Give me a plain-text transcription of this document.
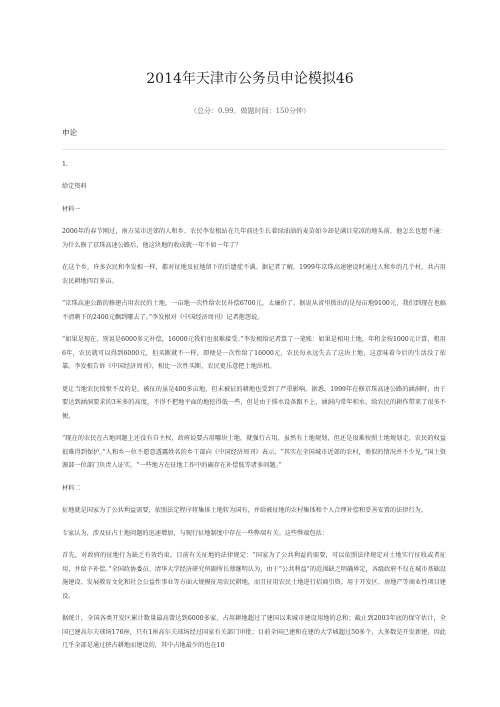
2014年天津市公务员申论模拟46
（总分：0.99，做题时间：150分钟）

申论

1.

给定资料

材料一

2006年的春节刚过，南方某市近郊的人和乡、农民李发根站在几年前还生长着绿油油的麦苗如今却是满目荒凉的地头前，他怎么也想不通：为什么修了京珠高速公路后，他这块地的收成就一年不如一年了？

在这个乡，许多农民和李发根一样，都对征地及征地留下的后遗症不满。据记者了解，1999年京珠高速建设时通过人和乡的几个村，共占用农民耕地四百多亩。

“京珠高速公路的修建占用农民的土地，一亩地一次性给农民补偿6700元，太廉价了。据说从省里拨出的是每亩地9100元，我们到现在也搞不清剩下的2400元飘到哪去了。”李发根对《中国经济周刊》记者抱怨说。

“如果是现在，别说是6000多元补偿，16000元我们也很难接受。”李发根给记者算了一笔账：如果是相用土地，年租金按1000元计算，租用6年，农民就可以得到6000元，但买断就不一样，即便是一次性给了16000元，农民每永远失去了这块土地，这意味着今后的生活没了依靠。李发根告诉《中国经济周刊》，相比一次性买断，农民更乐意把土地出租。

更让当地农民愤恨不及的是，被征的虽是400多亩地，但未被征的耕地也受到了严重影响。据悉，1999年在修京珠高速公路的涵洞时，由于要达到涵洞要求的3米多的高度，不得不把地平面的地挖得低一些，但是由于排水设备跟不上，涵洞内常年积水，给农民的耕作带来了很多不便。

“现在的农民在占地问题上还没有自主权，政府说要占用哪块土地，就强行占用，虽然有土地规划，但还是很难按照土地规划走，农民的权益很难得到保护。”人和乡一位不愿意透露姓名的乡干部向《中国经济周刊》表示，“其实在全国城市近郊的农村，类似的情况并不少见。”国土资源部一位部门负责人证实，“一些地方在征地工作中的确存在补偿低等诸多问题。”

材料二

征地就是国家为了公共利益需要，依照法定程序将集体土地转为国有，并给被征地的农村集体和个人合理补偿和妥善安置的法律行为。

专家认为，涉及征占土地问题的迅速增加，与现行征地制度中存在一些弊端有关。这些弊端包括：

首先，对政府的征地行为缺乏有效约束。目前有关征地的法律规定：“国家为了公共利益的需要，可以依照法律规定对土地实行征收或者征用，并给予补偿。”全国政协委员、清华大学经济研究所副所长蔡继明认为，由于“公共利益”的范围缺乏明确界定，各级政府不仅在城市基础设施建设、发展教育文化和社会公益性事业等方面大规模征用农民耕地，而且征用农民土地进行招商引资，用于开发区、房地产等商业性项目建设。

据统计，全国各类开发区累计数量最高曾达到6000多家，占用耕地超过了建国以来城市建设用地的总和；截止到2003年底的保守估计，全国已建高尔夫球场176座，只有1座高尔夫球场经过国家有关部门审批；目前全国已建和在建的大学城超过50多个，大多数是开发新建，因此几乎全部是通过挤占耕地而建设的，其中占地最少的也在10
